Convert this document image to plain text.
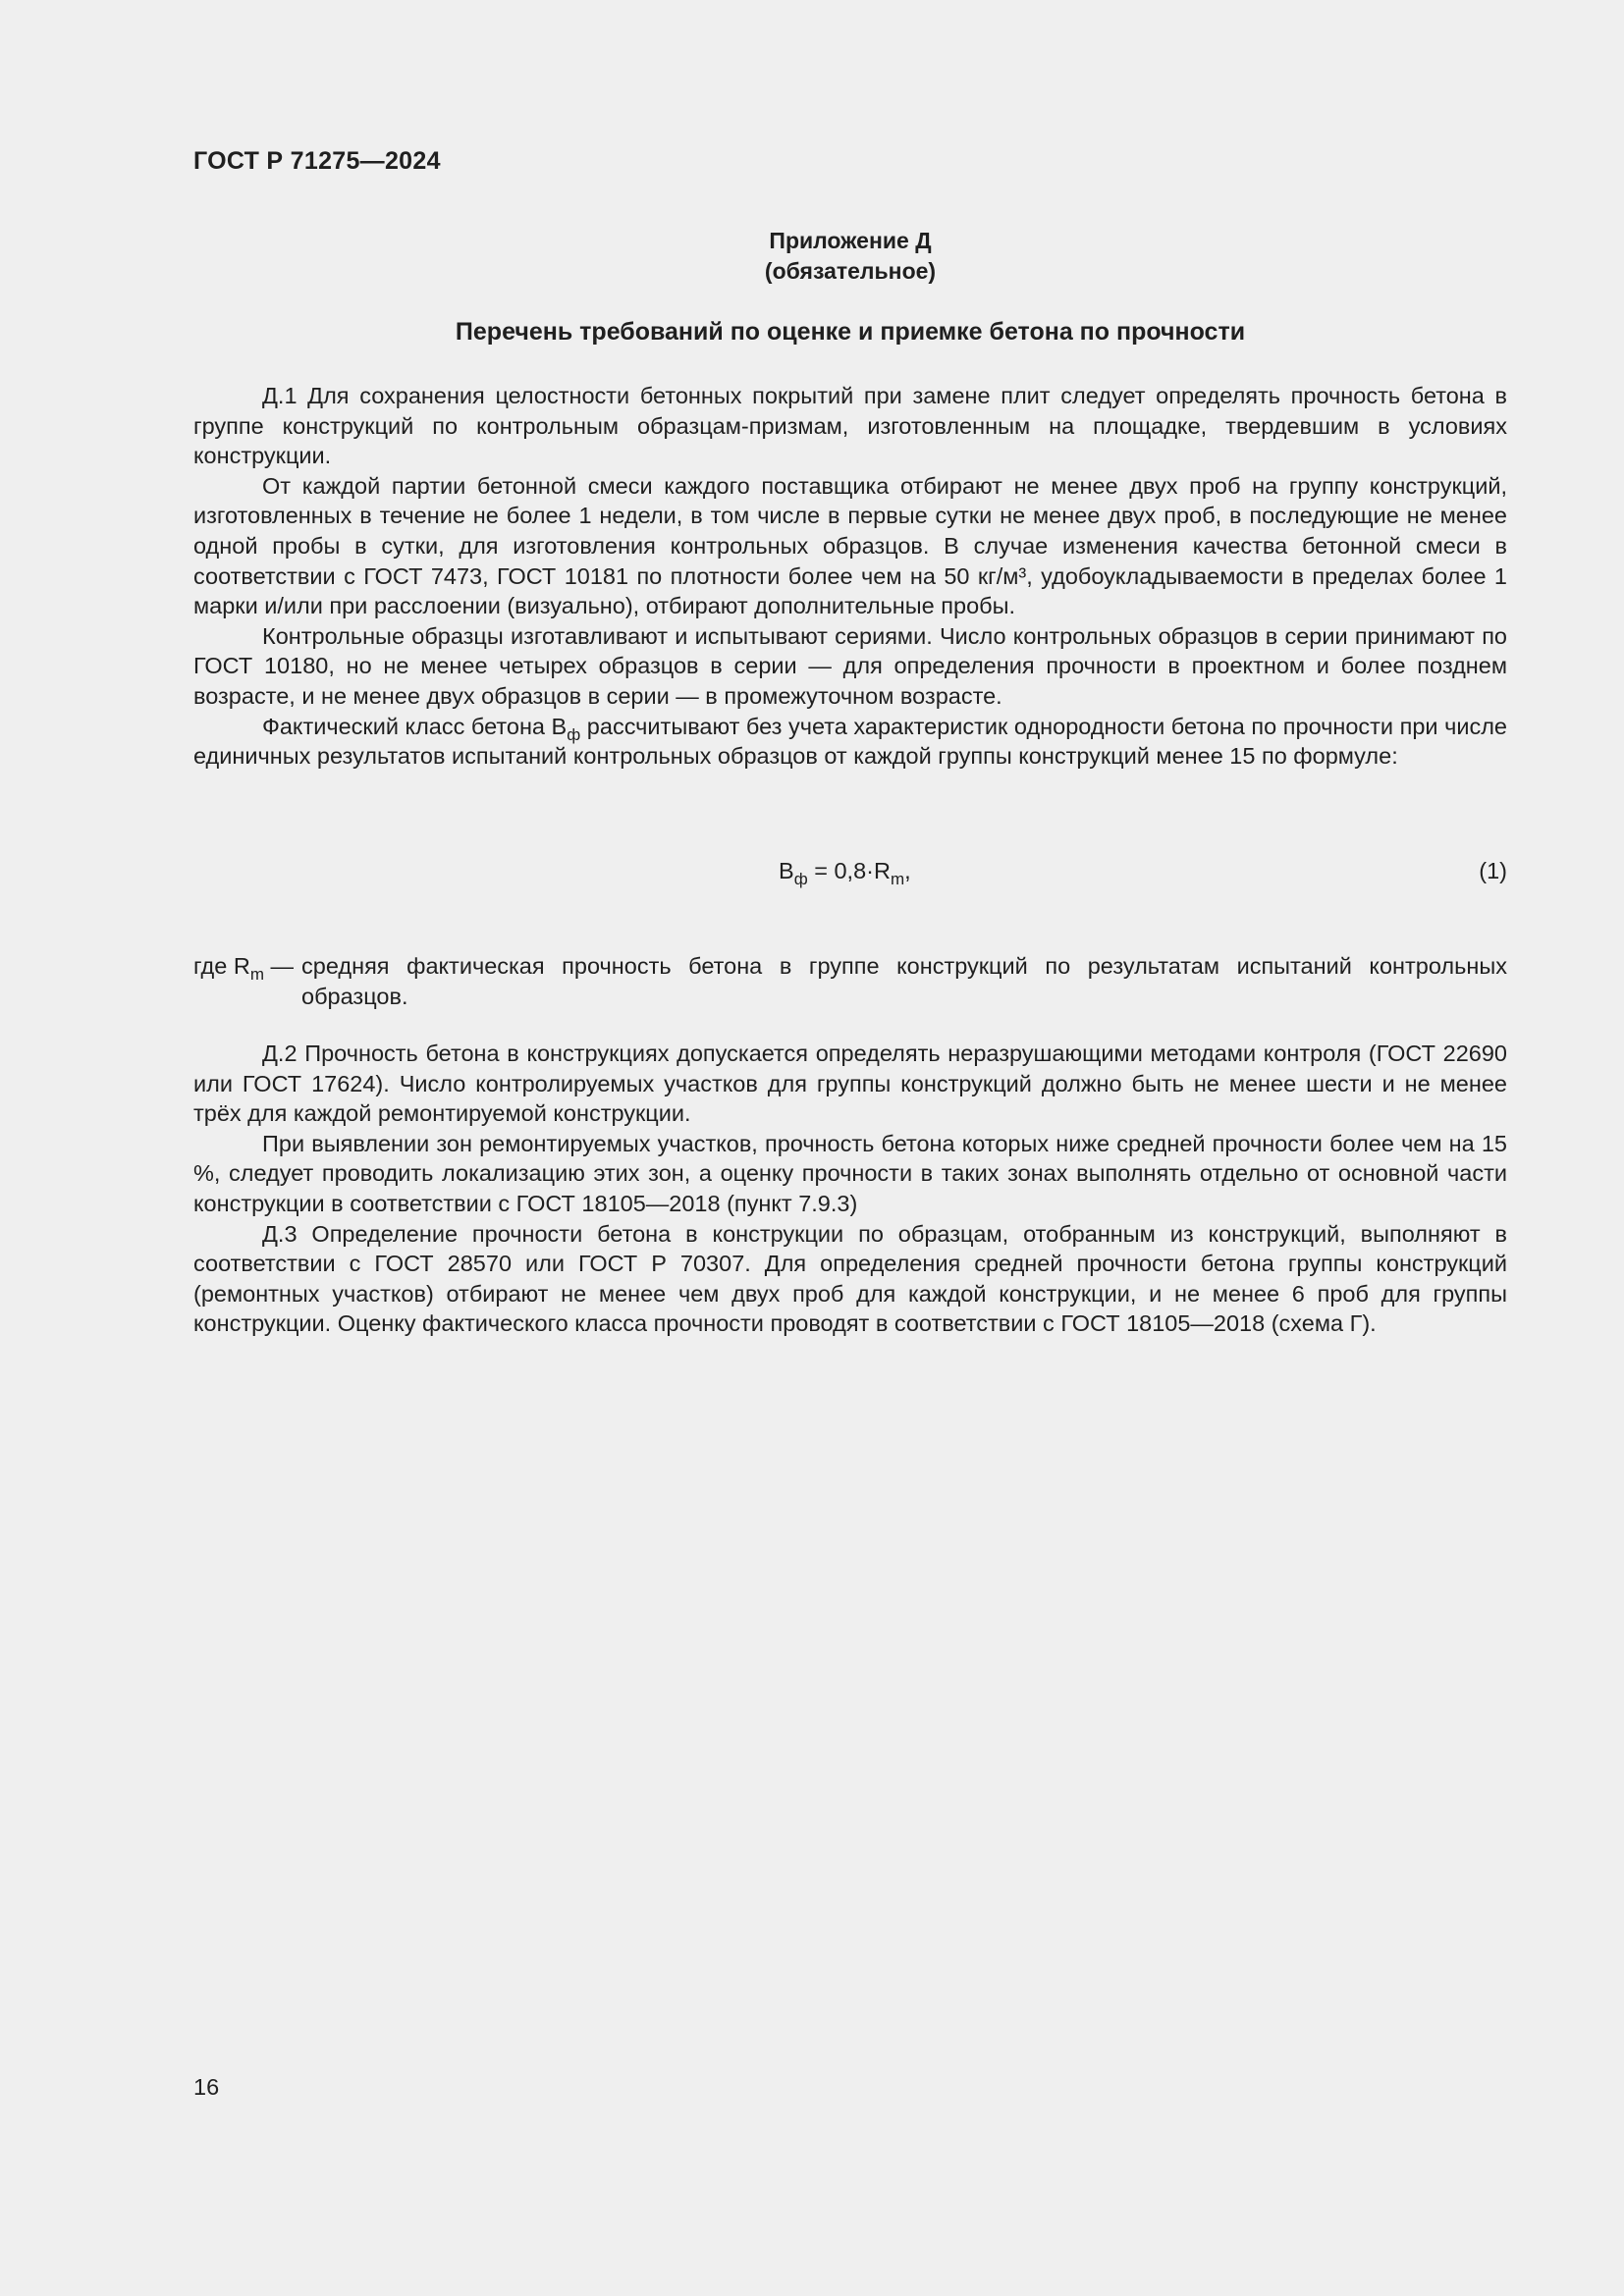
ГОСТ Р 71275—2024
Приложение Д
(обязательное)
Перечень требований по оценке и приемке бетона по прочности

Д.1 Для сохранения целостности бетонных покрытий при замене плит следует определять прочность бетона в группе конструкций по контрольным образцам-призмам, изготовленным на площадке, твердевшим в условиях конструкции.

От каждой партии бетонной смеси каждого поставщика отбирают не менее двух проб на группу конструкций, изготовленных в течение не более 1 недели, в том числе в первые сутки не менее двух проб, в последующие не менее одной пробы в сутки, для изготовления контрольных образцов. В случае изменения качества бетонной смеси в соответствии с ГОСТ 7473, ГОСТ 10181 по плотности более чем на 50 кг/м³, удобоукладываемости в пределах более 1 марки и/или при расслоении (визуально), отбирают дополнительные пробы.

Контрольные образцы изготавливают и испытывают сериями. Число контрольных образцов в серии принимают по ГОСТ 10180, но не менее четырех образцов в серии — для определения прочности в проектном и более позднем возрасте, и не менее двух образцов в серии — в промежуточном возрасте.

Фактический класс бетона $B_ф$ рассчитывают без учета характеристик однородности бетона по прочности при числе единичных результатов испытаний контрольных образцов от каждой группы конструкций менее 15 по формуле:

$B_ф = 0,8\cdot R_m$,	(1)
где $R_m$ — средняя фактическая прочность бетона в группе конструкций по результатам испытаний контрольных образцов.

Д.2 Прочность бетона в конструкциях допускается определять неразрушающими методами контроля (ГОСТ 22690 или ГОСТ 17624). Число контролируемых участков для группы конструкций должно быть не менее шести и не менее трёх для каждой ремонтируемой конструкции.

При выявлении зон ремонтируемых участков, прочность бетона которых ниже средней прочности более чем на 15 %, следует проводить локализацию этих зон, а оценку прочности в таких зонах выполнять отдельно от основной части конструкции в соответствии с ГОСТ 18105—2018 (пункт 7.9.3)

Д.3 Определение прочности бетона в конструкции по образцам, отобранным из конструкций, выполняют в соответствии с ГОСТ 28570 или ГОСТ Р 70307. Для определения средней прочности бетона группы конструкций (ремонтных участков) отбирают не менее чем двух проб для каждой конструкции, и не менее 6 проб для группы конструкции. Оценку фактического класса прочности проводят в соответствии с ГОСТ 18105—2018 (схема Г).

16
